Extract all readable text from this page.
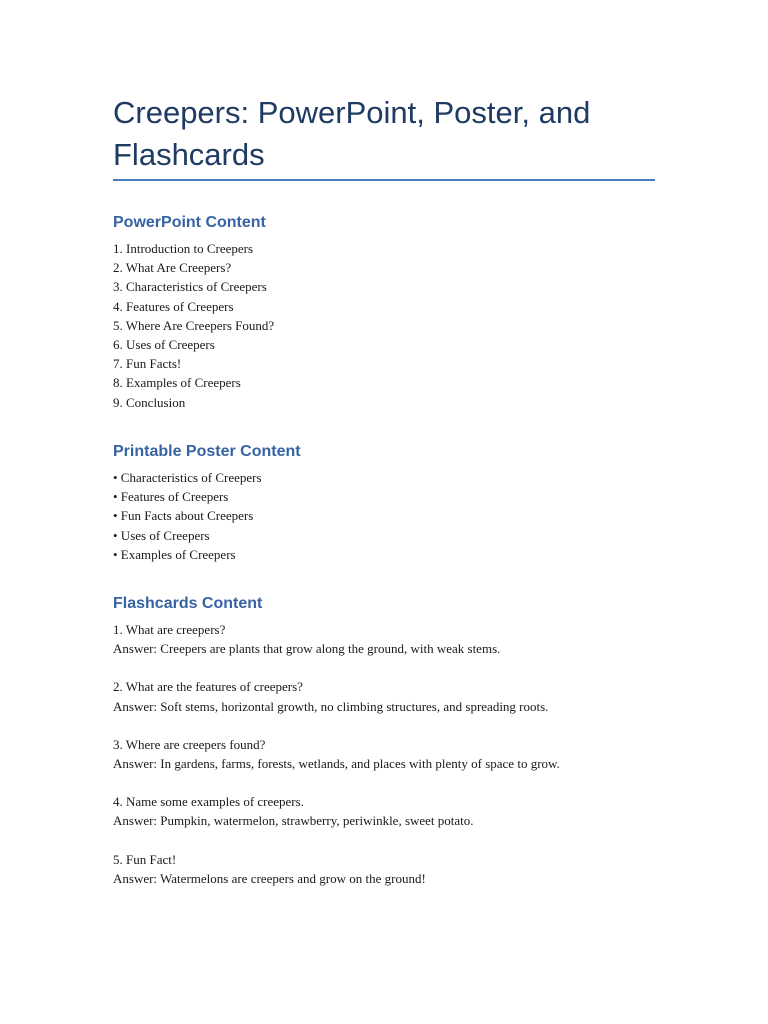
Creepers: PowerPoint, Poster, and Flashcards
PowerPoint Content
1. Introduction to Creepers
2. What Are Creepers?
3. Characteristics of Creepers
4. Features of Creepers
5. Where Are Creepers Found?
6. Uses of Creepers
7. Fun Facts!
8. Examples of Creepers
9. Conclusion
Printable Poster Content
• Characteristics of Creepers
• Features of Creepers
• Fun Facts about Creepers
• Uses of Creepers
• Examples of Creepers
Flashcards Content
1. What are creepers?
Answer: Creepers are plants that grow along the ground, with weak stems.
2. What are the features of creepers?
Answer: Soft stems, horizontal growth, no climbing structures, and spreading roots.
3. Where are creepers found?
Answer: In gardens, farms, forests, wetlands, and places with plenty of space to grow.
4. Name some examples of creepers.
Answer: Pumpkin, watermelon, strawberry, periwinkle, sweet potato.
5. Fun Fact!
Answer: Watermelons are creepers and grow on the ground!
